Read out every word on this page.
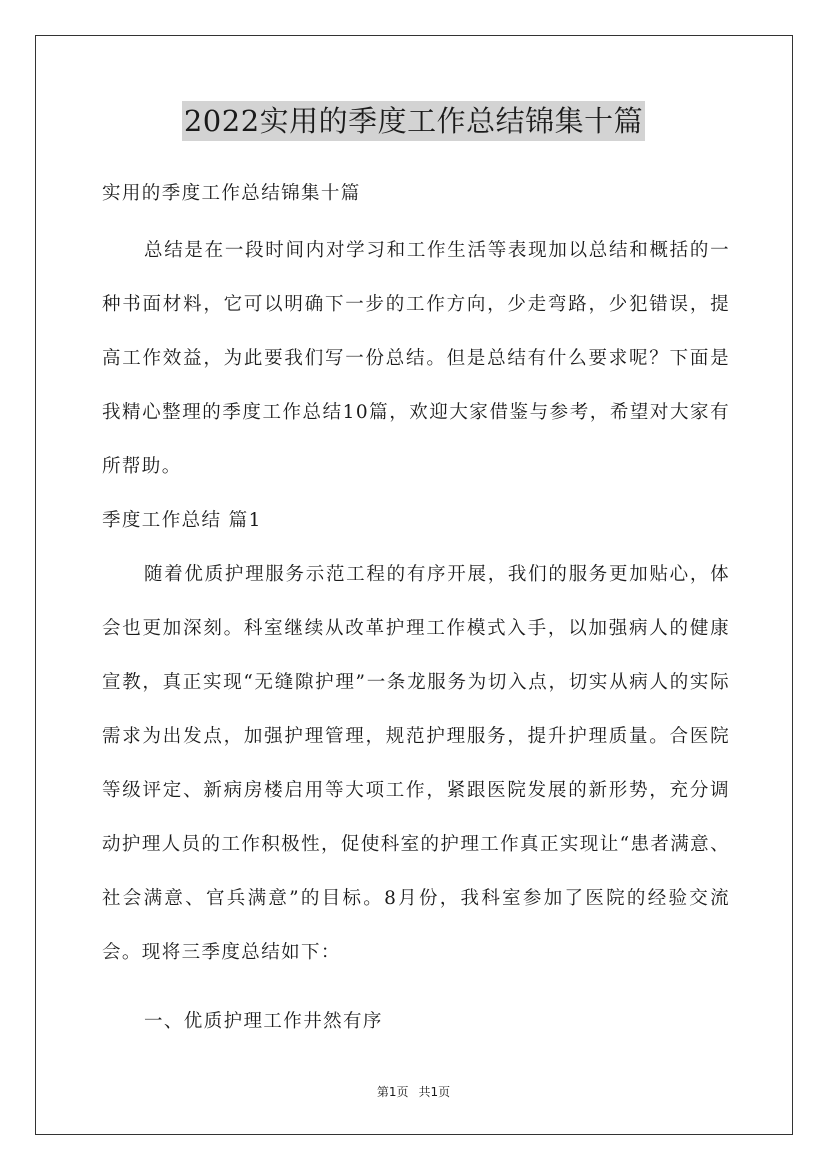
2022实用的季度工作总结锦集十篇

实用的季度工作总结锦集十篇

总结是在一段时间内对学习和工作生活等表现加以总结和概括的一种书面材料，它可以明确下一步的工作方向，少走弯路，少犯错误，提高工作效益，为此要我们写一份总结。但是总结有什么要求呢？下面是我精心整理的季度工作总结10篇，欢迎大家借鉴与参考，希望对大家有所帮助。

季度工作总结 篇1

随着优质护理服务示范工程的有序开展，我们的服务更加贴心，体会也更加深刻。科室继续从改革护理工作模式入手，以加强病人的健康宣教，真正实现“无缝隙护理”一条龙服务为切入点，切实从病人的实际需求为出发点，加强护理管理，规范护理服务，提升护理质量。合医院等级评定、新病房楼启用等大项工作，紧跟医院发展的新形势，充分调动护理人员的工作积极性，促使科室的护理工作真正实现让“患者满意、社会满意、官兵满意”的目标。8月份，我科室参加了医院的经验交流会。现将三季度总结如下：

一、优质护理工作井然有序

第1页 共1页
